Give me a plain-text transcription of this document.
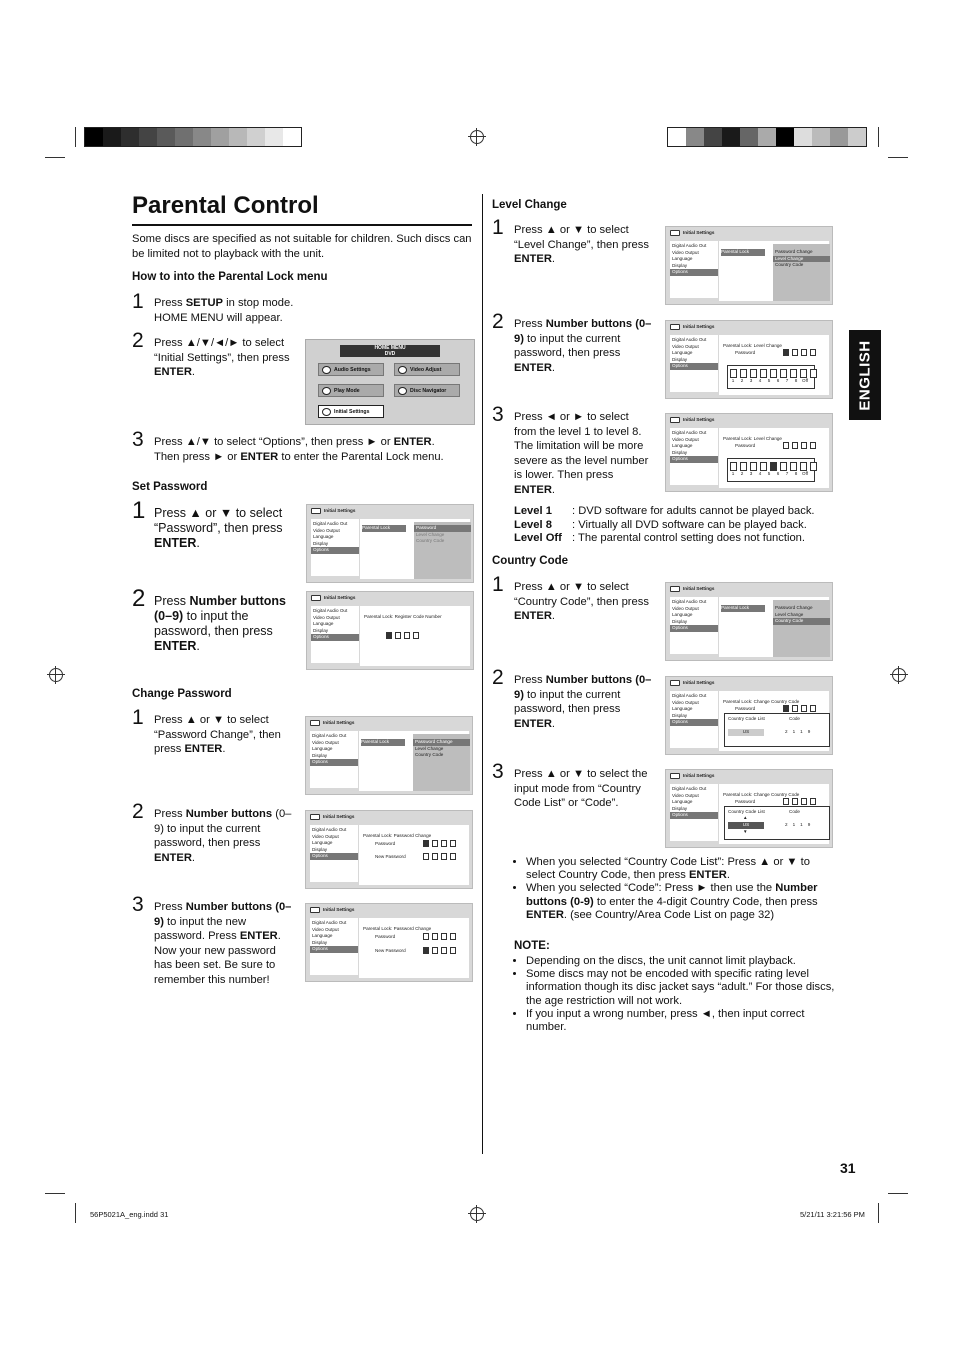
Parental Control
Some discs are specified as not suitable for children. Such discs can be limited not to playback with the unit.
ENGLISH
How to into the Parental Lock menu
1 Press SETUP in stop mode.
HOME MENU will appear.
2 Press ▲/▼/◄/► to select “Initial Settings”, then press ENTER.
HOME MENU
DVD
Audio Settings	Video Adjust
Play Mode	Disc Navigator
Initial Settings
3 Press ▲/▼ to select “Options”, then press ► or ENTER.
Then press ► or ENTER to enter the Parental Lock menu.
Set Password
1 Press ▲ or ▼ to select “Password”, then press ENTER.
2 Press Number buttons (0–9) to input the password, then press ENTER.
Change Password
1 Press ▲ or ▼ to select “Password Change”, then press ENTER.
2 Press Number buttons (0–9) to input the current password, then press ENTER.
3 Press Number buttons (0–9) to input the new password. Press ENTER. Now your new password has been set. Be sure to remember this number!
Level Change
1 Press ▲ or ▼ to select “Level Change”, then press ENTER.
2 Press Number buttons (0–9) to input the current password, then press ENTER.
3 Press ◄ or ► to select from the level 1 to level 8. The limitation will be more severe as the level number is lower. Then press ENTER.
Level 1 : DVD software for adults cannot be played back.
Level 8 : Virtually all DVD software can be played back.
Level Off : The parental control setting does not function.
Country Code
1 Press ▲ or ▼ to select “Country Code”, then press ENTER.
2 Press Number buttons (0–9) to input the current password, then press ENTER.
3 Press ▲ or ▼ to select the input mode from “Country Code List” or “Code”.
• When you selected “Country Code List”: Press ▲ or ▼ to select Country Code, then press ENTER.
• When you selected “Code”: Press ► then use the Number buttons (0-9) to enter the 4-digit Country Code, then press ENTER. (see Country/Area Code List on page 32)
NOTE:
• Depending on the discs, the unit cannot limit playback.
• Some discs may not be encoded with specific rating level information though its disc jacket says “adult.” For those discs, the age restriction will not work.
• If you input a wrong number, press ◄, then input correct number.
Initial Settings
Digital Audio Out
Video Output
Language
Display
Options
Parental Lock	Password
Level Change
Country Code
Initial Settings
Digital Audio Out
Video Output
Language
Display
Options
Parental Lock: Register Code Number
Initial Settings
Digital Audio Out
Video Output
Language
Display
Options
Parental Lock	Password Change
Level Change
Country Code
Initial Settings
Digital Audio Out
Video Output
Language
Display
Options
Parental Lock: Password Change
Password
New Password
Initial Settings
Digital Audio Out
Video Output
Language
Display
Options
Parental Lock: Password Change
Password
New Password
Initial Settings
Digital Audio Out
Video Output
Language
Display
Options
Parental Lock	Password Change
Level Change
Country Code
Initial Settings
Digital Audio Out
Video Output
Language
Display
Options
Parental Lock: Level Change
Password
1	2	3	4	5	6	7	8	Off
Initial Settings
Digital Audio Out
Video Output
Language
Display
Options
Parental Lock: Level Change
Password
1	2	3	4	5	6	7	8	Off
Initial Settings
Digital Audio Out
Video Output
Language
Display
Options
Parental Lock	Password Change
Level Change
Country Code
Initial Settings
Digital Audio Out
Video Output
Language
Display
Options
Parental Lock: Change Country Code
Password
Country Code List	Code
US	2 1 1 9
Initial Settings
Digital Audio Out
Video Output
Language
Display
Options
Parental Lock: Change Country Code
Password
Country Code List	Code
▲
US
▼
2 1 1 9
31
56P5021A_eng.indd 31	5/21/11 3:21:56 PM
